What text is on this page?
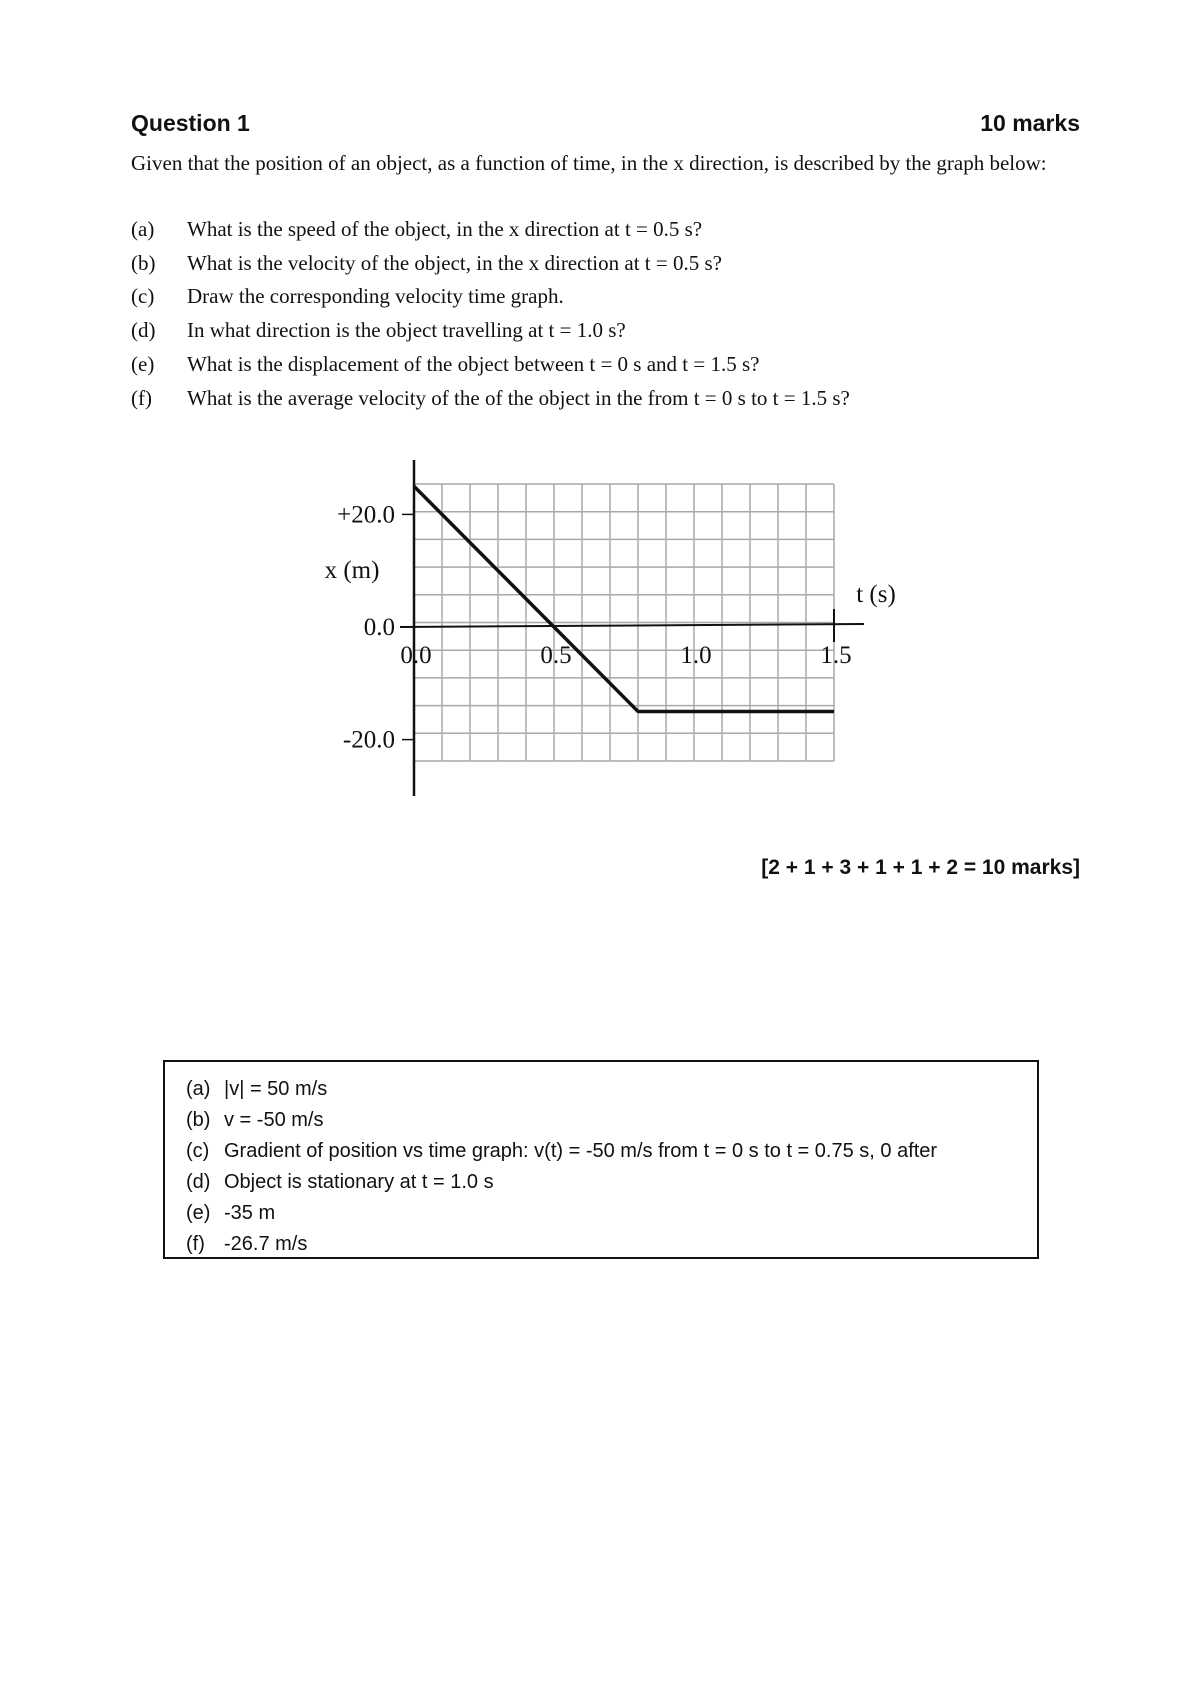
Question 1	10 marks
Given that the position of an object, as a function of time, in the x direction, is described by the graph below:
(a) What is the speed of the object, in the x direction at t = 0.5 s?
(b) What is the velocity of the object, in the x direction at t = 0.5 s?
(c) Draw the corresponding velocity time graph.
(d) In what direction is the object travelling at t = 1.0 s?
(e) What is the displacement of the object between t = 0 s and t = 1.5 s?
(f) What is the average velocity of the of the object in the from t = 0 s to t = 1.5 s?
+20.0
0.0
-20.0
0.0	0.5	1.0	1.5
x (m)
t (s)
[2 + 1 + 3 + 1 + 1 + 2 = 10 marks]
(a) |v| = 50 m/s
(b) v = -50 m/s
(c) Gradient of position vs time graph: v(t) = -50 m/s from t = 0 s to t = 0.75 s, 0 after
(d) Object is stationary at t = 1.0 s
(e) -35 m
(f) -26.7 m/s
